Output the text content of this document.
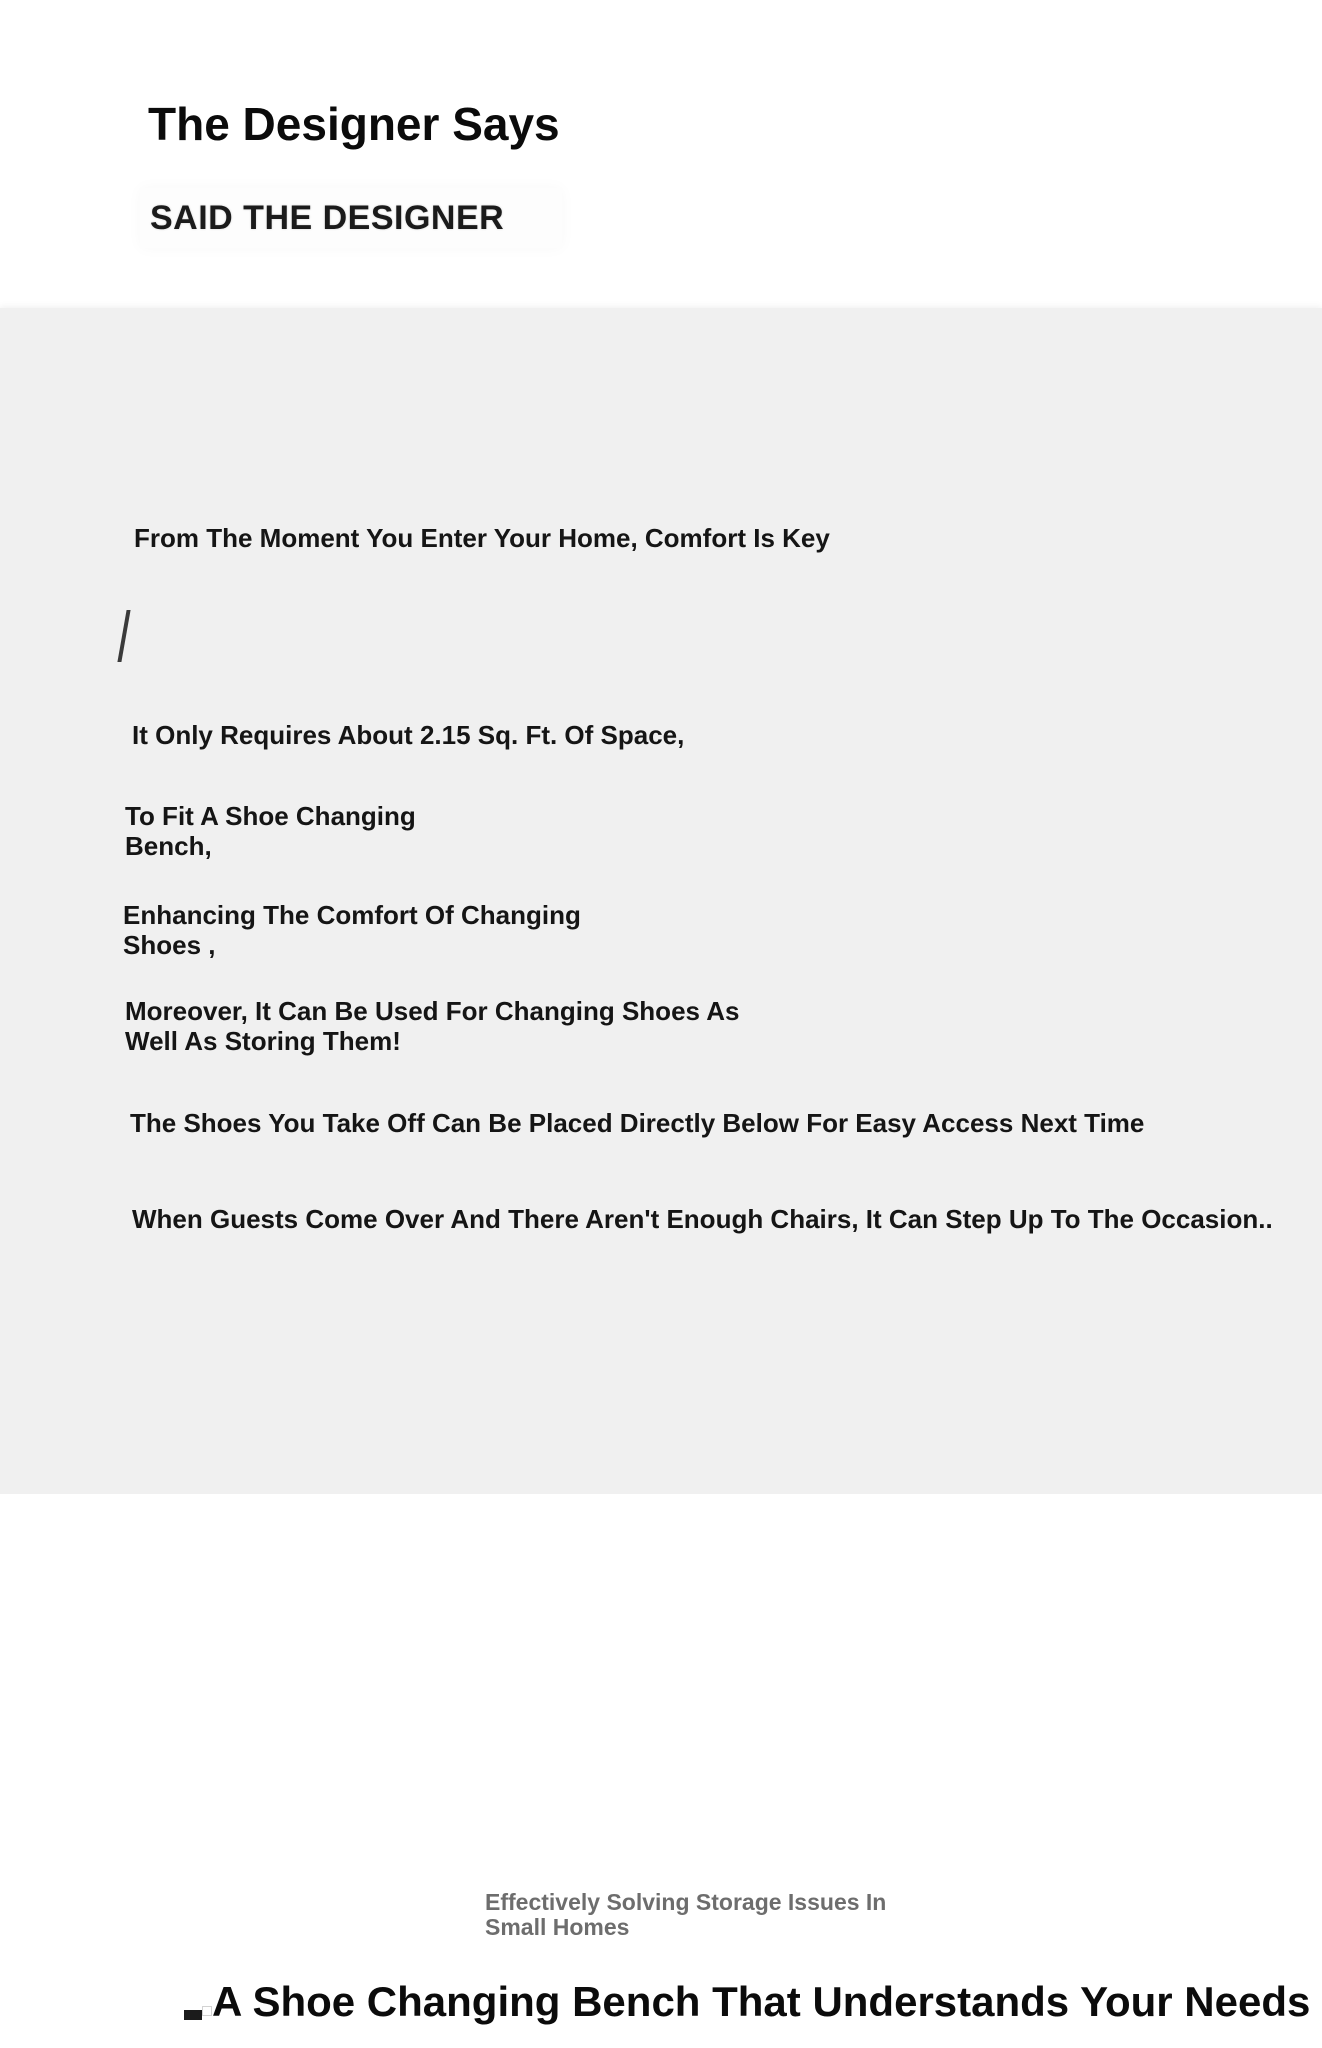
The Designer Says
SAID THE DESIGNER

From The Moment You Enter Your Home, Comfort Is Key

It Only Requires About 2.15 Sq. Ft. Of Space,

To Fit A Shoe Changing Bench,

Enhancing The Comfort Of Changing Shoes ,

Moreover, It Can Be Used For Changing Shoes As Well As Storing Them!

The Shoes You Take Off Can Be Placed Directly Below For Easy Access Next Time

When Guests Come Over And There Aren't Enough Chairs, It Can Step Up To The Occasion..

Effectively Solving Storage Issues In Small Homes

A Shoe Changing Bench That Understands Your Needs
